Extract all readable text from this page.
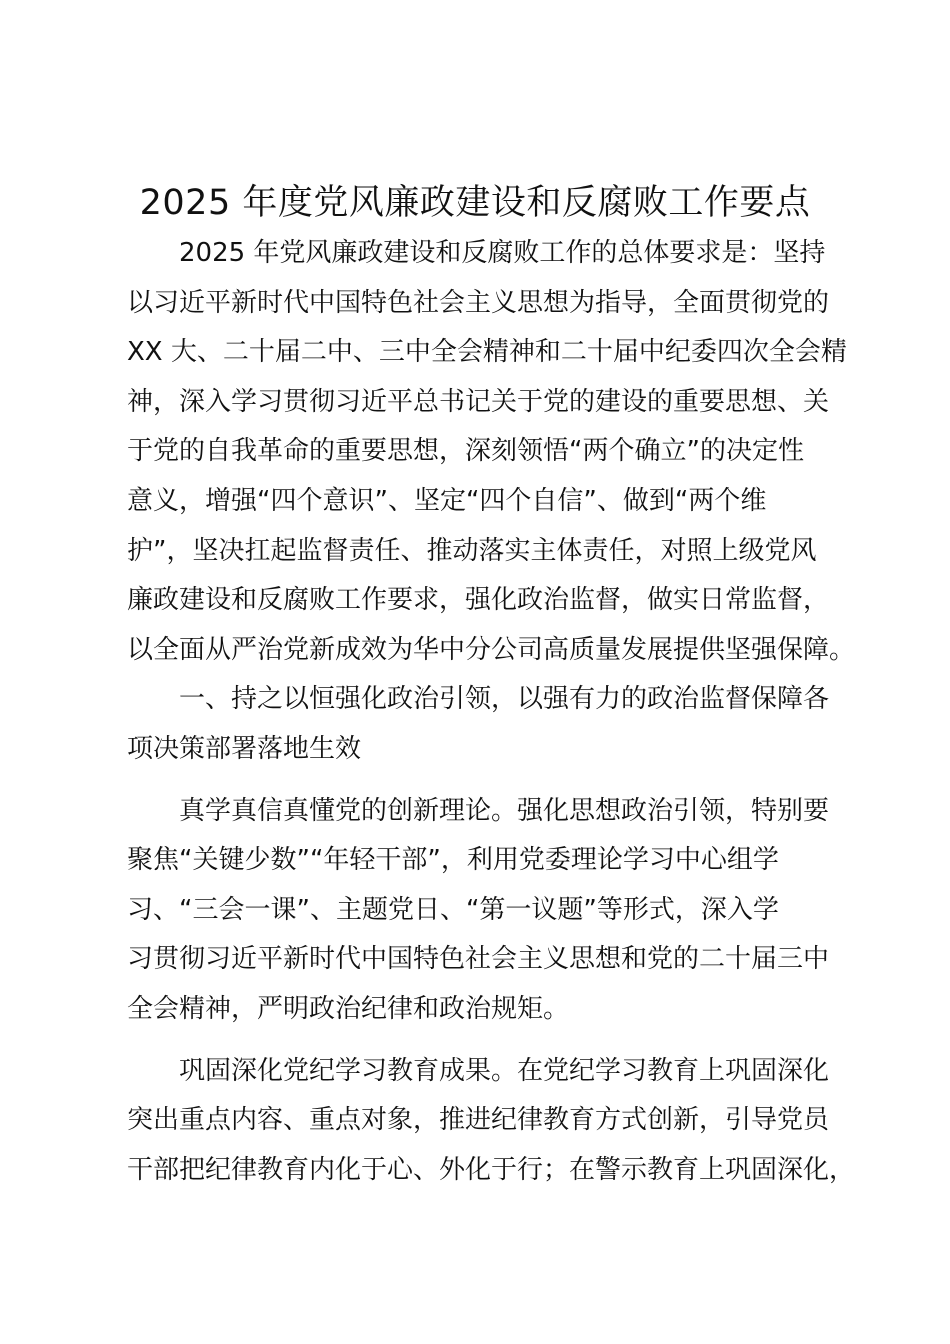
2025 年度党风廉政建设和反腐败工作要点
2025 年党风廉政建设和反腐败工作的总体要求是：坚持
以习近平新时代中国特色社会主义思想为指导，全面贯彻党的
XX 大、二十届二中、三中全会精神和二十届中纪委四次全会精
神，深入学习贯彻习近平总书记关于党的建设的重要思想、关
于党的自我革命的重要思想，深刻领悟“两个确立”的决定性
意义，增强“四个意识”、坚定“四个自信”、做到“两个维
护”，坚决扛起监督责任、推动落实主体责任，对照上级党风
廉政建设和反腐败工作要求，强化政治监督，做实日常监督，
以全面从严治党新成效为华中分公司高质量发展提供坚强保障。
一、持之以恒强化政治引领，以强有力的政治监督保障各
项决策部署落地生效
真学真信真懂党的创新理论。强化思想政治引领，特别要
聚焦“关键少数”“年轻干部”，利用党委理论学习中心组学
习、“三会一课”、主题党日、“第一议题”等形式，深入学
习贯彻习近平新时代中国特色社会主义思想和党的二十届三中
全会精神，严明政治纪律和政治规矩。
巩固深化党纪学习教育成果。在党纪学习教育上巩固深化
突出重点内容、重点对象，推进纪律教育方式创新，引导党员
干部把纪律教育内化于心、外化于行；在警示教育上巩固深化，
